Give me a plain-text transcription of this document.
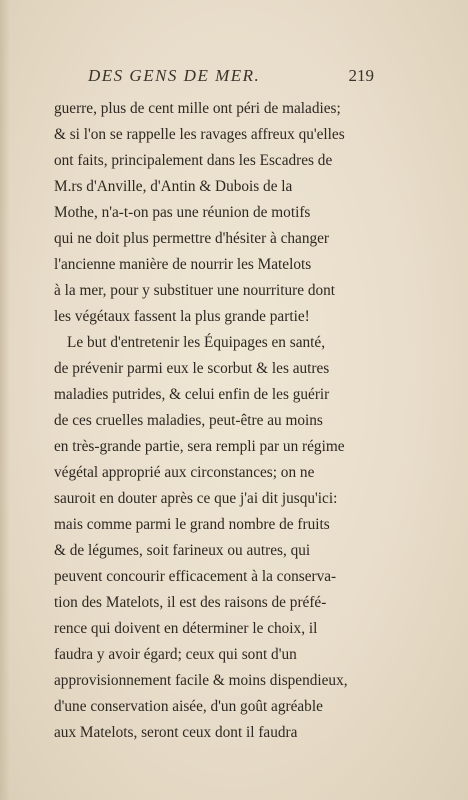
DES GENS DE MER.	219
guerre, plus de cent mille ont péri de maladies;
& si l'on se rappelle les ravages affreux qu'elles
ont faits, principalement dans les Escadres de
M.rs d'Anville, d'Antin & Dubois de la
Mothe, n'a-t-on pas une réunion de motifs
qui ne doit plus permettre d'hésiter à changer
l'ancienne manière de nourrir les Matelots
à la mer, pour y substituer une nourriture dont
les végétaux fassent la plus grande partie!
Le but d'entretenir les Équipages en santé,
de prévenir parmi eux le scorbut & les autres
maladies putrides, & celui enfin de les guérir
de ces cruelles maladies, peut-être au moins
en très-grande partie, sera rempli par un régime
végétal approprié aux circonstances; on ne
sauroit en douter après ce que j'ai dit jusqu'ici:
mais comme parmi le grand nombre de fruits
& de légumes, soit farineux ou autres, qui
peuvent concourir efficacement à la conserva-
tion des Matelots, il est des raisons de préfé-
rence qui doivent en déterminer le choix, il
faudra y avoir égard; ceux qui sont d'un
approvisionnement facile & moins dispendieux,
d'une conservation aisée, d'un goût agréable
aux Matelots, seront ceux dont il faudra
